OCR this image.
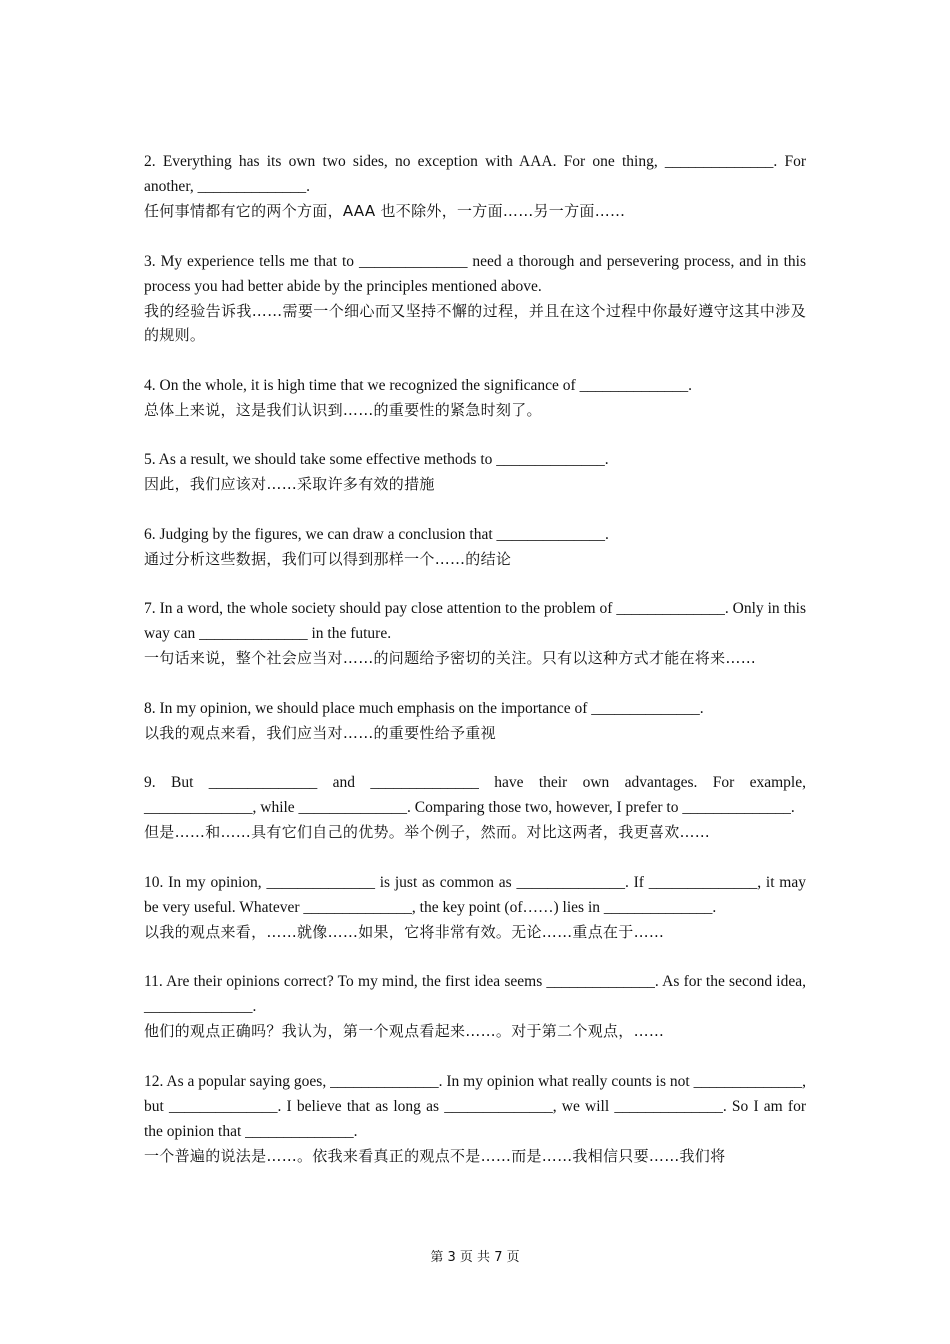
2. Everything has its own two sides, no exception with AAA. For one thing, ______________. For another, ______________.

任何事情都有它的两个方面，AAA 也不除外，一方面……另一方面……

3. My experience tells me that to ______________ need a thorough and persevering process, and in this process you had better abide by the principles mentioned above.

我的经验告诉我……需要一个细心而又坚持不懈的过程，并且在这个过程中你最好遵守这其中涉及的规则。

4. On the whole, it is high time that we recognized the significance of ______________.

总体上来说，这是我们认识到……的重要性的紧急时刻了。

5. As a result, we should take some effective methods to ______________.

因此，我们应该对……采取许多有效的措施

6. Judging by the figures, we can draw a conclusion that ______________.

通过分析这些数据，我们可以得到那样一个……的结论

7. In a word, the whole society should pay close attention to the problem of ______________. Only in this way can ______________ in the future.

一句话来说，整个社会应当对……的问题给予密切的关注。只有以这种方式才能在将来……

8. In my opinion, we should place much emphasis on the importance of ______________.

以我的观点来看，我们应当对……的重要性给予重视

9. But ______________ and ______________ have their own advantages. For example, ______________, while ______________. Comparing those two, however, I prefer to ______________.

但是……和……具有它们自己的优势。举个例子，然而。对比这两者，我更喜欢……

10. In my opinion, ______________ is just as common as ______________. If ______________, it may be very useful. Whatever ______________, the key point (of……) lies in ______________.

以我的观点来看，……就像……如果，它将非常有效。无论……重点在于……

11. Are their opinions correct? To my mind, the first idea seems ______________. As for the second idea, ______________.

他们的观点正确吗？我认为，第一个观点看起来……。对于第二个观点，……

12. As a popular saying goes, ______________. In my opinion what really counts is not ______________, but ______________. I believe that as long as ______________, we will ______________. So I am for the opinion that ______________.

一个普遍的说法是……。依我来看真正的观点不是……而是……我相信只要……我们将

第 3 页 共 7 页
